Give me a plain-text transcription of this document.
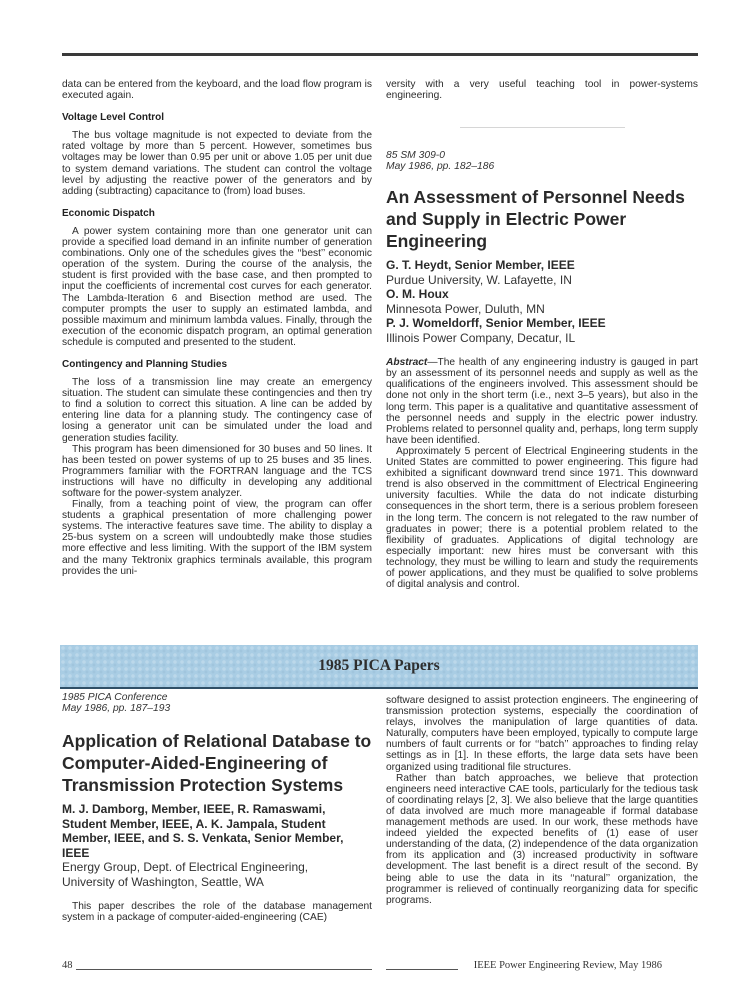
data can be entered from the keyboard, and the load flow program is executed again.

Voltage Level Control

The bus voltage magnitude is not expected to deviate from the rated voltage by more than 5 percent. However, sometimes bus voltages may be lower than 0.95 per unit or above 1.05 per unit due to system demand variations. The student can control the voltage level by adjusting the reactive power of the generators and by adding (subtracting) capacitance to (from) load buses.

Economic Dispatch

A power system containing more than one generator unit can provide a specified load demand in an infinite number of generation combinations. Only one of the schedules gives the ‘‘best’’ economic operation of the system. During the course of the analysis, the student is first provided with the base case, and then prompted to input the coefficients of incremental cost curves for each generator. The Lambda-Iteration 6 and Bisection method are used. The computer prompts the user to supply an estimated lambda, and possible maximum and minimum lambda values. Finally, through the execution of the economic dispatch program, an optimal generation schedule is computed and presented to the student.

Contingency and Planning Studies

The loss of a transmission line may create an emergency situation. The student can simulate these contingencies and then try to find a solution to correct this situation. A line can be added by entering line data for a planning study. The contingency case of losing a generator unit can be simulated under the load and generation studies facility.

This program has been dimensioned for 30 buses and 50 lines. It has been tested on power systems of up to 25 buses and 35 lines. Programmers familiar with the FORTRAN language and the TCS instructions will have no difficulty in developing any additional software for the power-system analyzer.

Finally, from a teaching point of view, the program can offer students a graphical presentation of more challenging power systems. The interactive features save time. The ability to display a 25-bus system on a screen will undoubtedly make those studies more effective and less limiting. With the support of the IBM system and the many Tektronix graphics terminals available, this program provides the uni-

versity with a very useful teaching tool in power-systems engineering.

85 SM 309-0
May 1986, pp. 182–186
An Assessment of Personnel Needs and Supply in Electric Power Engineering
G. T. Heydt, Senior Member, IEEE
Purdue University, W. Lafayette, IN
O. M. Houx
Minnesota Power, Duluth, MN
P. J. Womeldorff, Senior Member, IEEE
Illinois Power Company, Decatur, IL

Abstract—The health of any engineering industry is gauged in part by an assessment of its personnel needs and supply as well as the qualifications of the engineers involved. This assessment should be done not only in the short term (i.e., next 3–5 years), but also in the long term. This paper is a qualitative and quantitative assessment of the personnel needs and supply in the electric power industry. Problems related to personnel quality and, perhaps, long term supply have been identified.

Approximately 5 percent of Electrical Engineering students in the United States are committed to power engineering. This figure had exhibited a significant downward trend since 1971. This downward trend is also observed in the committment of Electrical Engineering university faculties. While the data do not indicate disturbing consequences in the short term, there is a serious problem foreseen in the long term. The concern is not relegated to the raw number of graduates in power; there is a potential problem related to the flexibility of graduates. Applications of digital technology are especially important: new hires must be conversant with this technology, they must be willing to learn and study the requirements of power applications, and they must be qualified to solve problems of digital analysis and control.

1985 PICA Papers
1985 PICA Conference
May 1986, pp. 187–193
Application of Relational Database to Computer-Aided-Engineering of Transmission Protection Systems
M. J. Damborg, Member, IEEE, R. Ramaswami, Student Member, IEEE, A. K. Jampala, Student Member, IEEE, and S. S. Venkata, Senior Member, IEEE
Energy Group, Dept. of Electrical Engineering,
University of Washington, Seattle, WA

This paper describes the role of the database management system in a package of computer-aided-engineering (CAE)

software designed to assist protection engineers. The engineering of transmission protection systems, especially the coordination of relays, involves the manipulation of large quantities of data. Naturally, computers have been employed, typically to compute large numbers of fault currents or for ‘‘batch’’ approaches to finding relay settings as in [1]. In these efforts, the large data sets have been organized using traditional file structures.

Rather than batch approaches, we believe that protection engineers need interactive CAE tools, particularly for the tedious task of coordinating relays [2, 3]. We also believe that the large quantities of data involved are much more manageable if formal database management methods are used. In our work, these methods have indeed yielded the expected benefits of (1) ease of user understanding of the data, (2) independence of the data organization from its application and (3) increased productivity in software development. The last benefit is a direct result of the second. By being able to use the data in its ‘‘natural’’ organization, the programmer is relieved of continually reorganizing data for specific programs.

48	IEEE Power Engineering Review, May 1986
